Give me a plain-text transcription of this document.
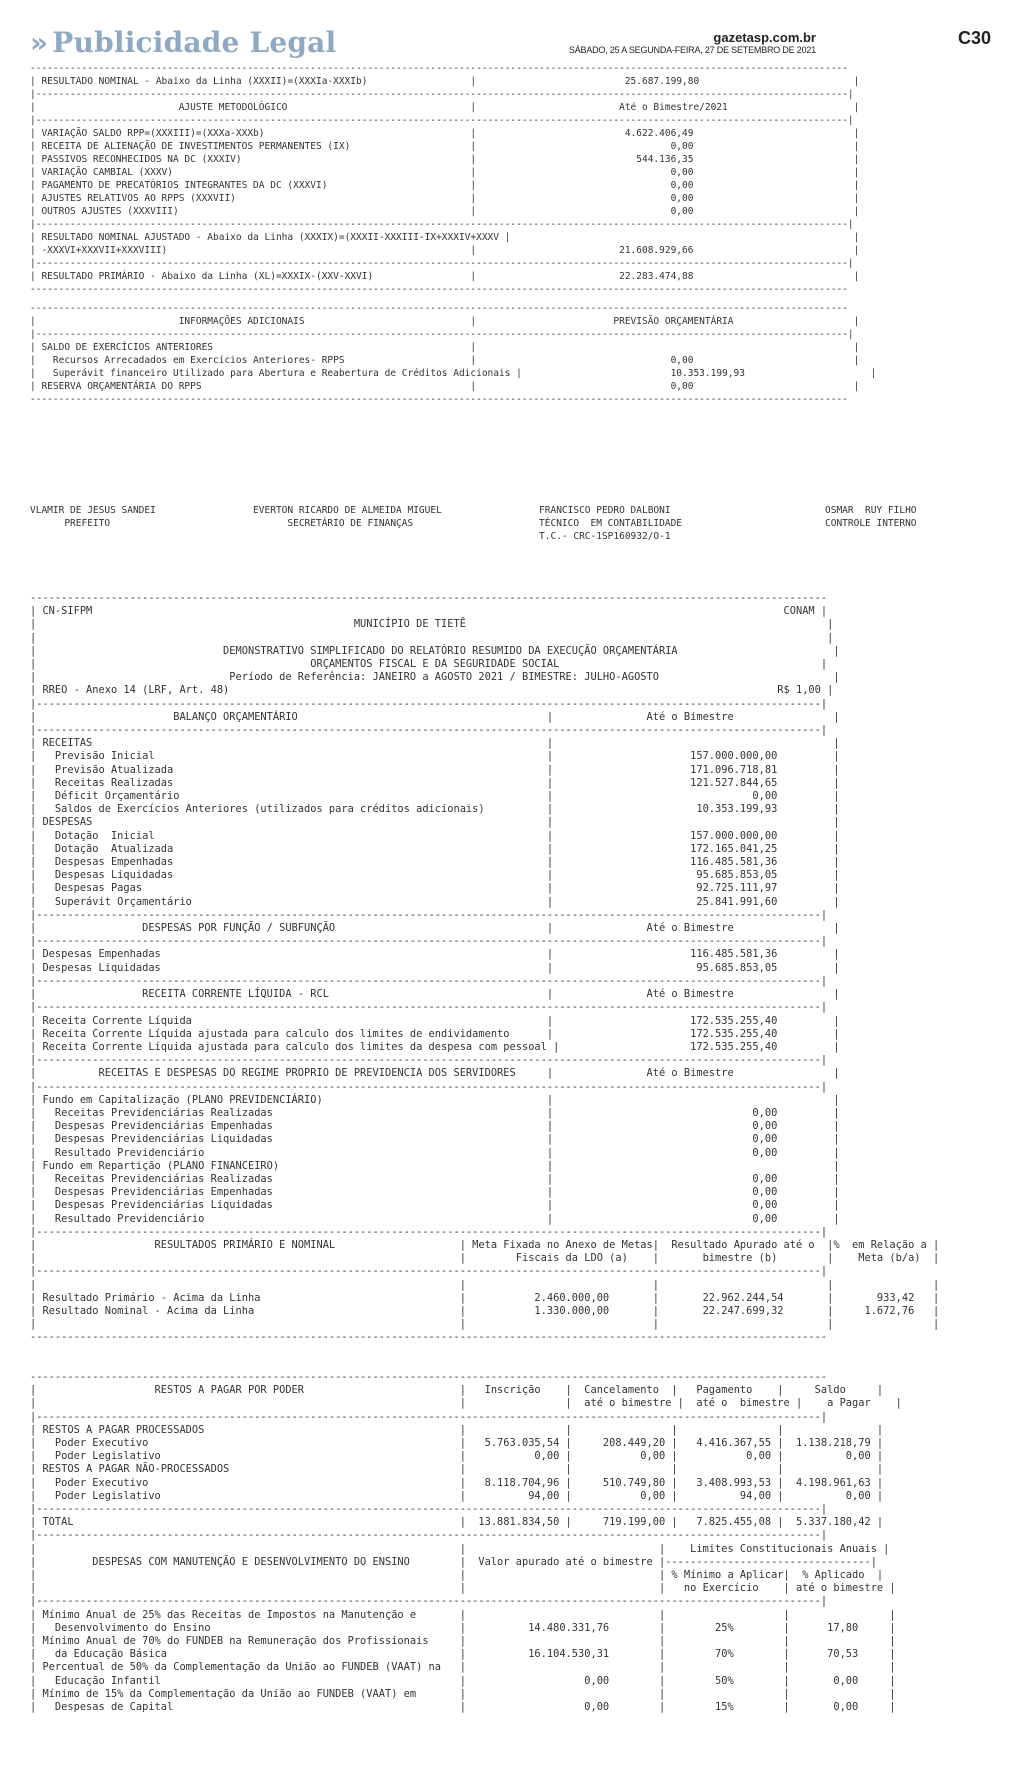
» Publicidade Legal	gazetasp.com.br
SÁBADO, 25 A SEGUNDA-FEIRA, 27 DE SETEMBRO DE 2021
C30
-----------------------------------------------------------------------------------------------------------------------------------------------
| RESULTADO NOMINAL - Abaixo da Linha (XXXII)=(XXXIa-XXXIb)                  |                          25.687.199,80                           |
|----------------------------------------------------------------------------------------------------------------------------------------------|
|                         AJUSTE METODOLÓGICO                                |                         Até o Bimestre/2021                      |
|----------------------------------------------------------------------------------------------------------------------------------------------|
| VARIAÇÃO SALDO RPP=(XXXIII)=(XXXa-XXXb)                                    |                          4.622.406,49                            |
| RECEITA DE ALIENAÇÃO DE INVESTIMENTOS PERMANENTES (IX)                     |                                  0,00                            |
| PASSIVOS RECONHECIDOS NA DC (XXXIV)                                        |                            544.136,35                            |
| VARIAÇÃO CAMBIAL (XXXV)                                                    |                                  0,00                            |
| PAGAMENTO DE PRECATÓRIOS INTEGRANTES DA DC (XXXVI)                         |                                  0,00                            |
| AJUSTES RELATIVOS AO RPPS (XXXVII)                                         |                                  0,00                            |
| OUTROS AJUSTES (XXXVIII)                                                   |                                  0,00                            |
|----------------------------------------------------------------------------------------------------------------------------------------------|
| RESULTADO NOMINAL AJUSTADO - Abaixo da Linha (XXXIX)=(XXXII-XXXIII-IX+XXXIV+XXXV |                                                            |
| -XXXVI+XXXVII+XXXVIII)                                                     |                         21.608.929,66                            |
|----------------------------------------------------------------------------------------------------------------------------------------------|
| RESULTADO PRIMÁRIO - Abaixo da Linha (XL)=XXXIX-(XXV-XXVI)                 |                         22.283.474,88                            |
-----------------------------------------------------------------------------------------------------------------------------------------------
-----------------------------------------------------------------------------------------------------------------------------------------------
|                         INFORMAÇÕES ADICIONAIS                             |                        PREVISÃO ORÇAMENTÁRIA                     |
|----------------------------------------------------------------------------------------------------------------------------------------------|
| SALDO DE EXERCÍCIOS ANTERIORES                                             |                                                                  |
|   Recursos Arrecadados em Exercícios Anteriores- RPPS                      |                                  0,00                            |
|   Superávit financeiro Utilizado para Abertura e Reabertura de Créditos Adicionais |                          10.353.199,93                      |
| RESERVA ORÇAMENTÁRIA DO RPPS                                               |                                  0,00                            |
-----------------------------------------------------------------------------------------------------------------------------------------------
VLAMIR DE JESUS SANDEI                 EVERTON RICARDO DE ALMEIDA MIGUEL                 FRANCISCO PEDRO DALBONI                           OSMAR  RUY FILHO
PREFEITO                               SECRETÁRIO DE FINANÇAS                      TÉCNICO  EM CONTABILIDADE                         CONTROLE INTERNO
T.C.- CRC-1SP160932/O-1
--------------------------------------------------------------------------------------------------------------------------------
| CN-SIFPM                                                                                                               CONAM |
|                                                   MUNICÍPIO DE TIETÊ                                                          |
|                                                                                                                               |
|                              DEMONSTRATIVO SIMPLIFICADO DO RELATÓRIO RESUMIDO DA EXECUÇÃO ORÇAMENTÁRIA                         |
|                                            ORÇAMENTOS FISCAL E DA SEGURIDADE SOCIAL                                          |
|                               Período de Referência: JANEIRO a AGOSTO 2021 / BIMESTRE: JULHO-AGOSTO                            |
| RREO - Anexo 14 (LRF, Art. 48)                                                                                        R$ 1,00 |
|------------------------------------------------------------------------------------------------------------------------------|
|                      BALANÇO ORÇAMENTÁRIO                                        |               Até o Bimestre                |
|------------------------------------------------------------------------------------------------------------------------------|
| RECEITAS                                                                         |                                             |
|   Previsão Inicial                                                               |                      157.000.000,00         |
|   Previsão Atualizada                                                            |                      171.096.718,81         |
|   Receitas Realizadas                                                            |                      121.527.844,65         |
|   Déficit Orçamentário                                                           |                                0,00         |
|   Saldos de Exercícios Anteriores (utilizados para créditos adicionais)          |                       10.353.199,93         |
| DESPESAS                                                                         |                                             |
|   Dotação  Inicial                                                               |                      157.000.000,00         |
|   Dotação  Atualizada                                                            |                      172.165.041,25         |
|   Despesas Empenhadas                                                            |                      116.485.581,36         |
|   Despesas Liquidadas                                                            |                       95.685.853,05         |
|   Despesas Pagas                                                                 |                       92.725.111,97         |
|   Superávit Orçamentário                                                         |                       25.841.991,60         |
|------------------------------------------------------------------------------------------------------------------------------|
|                 DESPESAS POR FUNÇÃO / SUBFUNÇÃO                                  |               Até o Bimestre                |
|------------------------------------------------------------------------------------------------------------------------------|
| Despesas Empenhadas                                                              |                      116.485.581,36         |
| Despesas Liquidadas                                                              |                       95.685.853,05         |
|------------------------------------------------------------------------------------------------------------------------------|
|                 RECEITA CORRENTE LÍQUIDA - RCL                                   |               Até o Bimestre                |
|------------------------------------------------------------------------------------------------------------------------------|
| Receita Corrente Líquida                                                         |                      172.535.255,40         |
| Receita Corrente Líquida ajustada para calculo dos limites de endividamento      |                      172.535.255,40         |
| Receita Corrente Líquida ajustada para calculo dos limites da despesa com pessoal |                     172.535.255,40         |
|------------------------------------------------------------------------------------------------------------------------------|
|          RECEITAS E DESPESAS DO REGIME PROPRIO DE PREVIDENCIA DOS SERVIDORES     |               Até o Bimestre                |
|------------------------------------------------------------------------------------------------------------------------------|
| Fundo em Capitalização (PLANO PREVIDENCIÁRIO)                                    |                                             |
|   Receitas Previdenciárias Realizadas                                            |                                0,00         |
|   Despesas Previdenciárias Empenhadas                                            |                                0,00         |
|   Despesas Previdenciárias Liquidadas                                            |                                0,00         |
|   Resultado Previdenciário                                                       |                                0,00         |
| Fundo em Repartição (PLANO FINANCEIRO)                                           |                                             |
|   Receitas Previdenciárias Realizadas                                            |                                0,00         |
|   Despesas Previdenciárias Empenhadas                                            |                                0,00         |
|   Despesas Previdenciárias Liquidadas                                            |                                0,00         |
|   Resultado Previdenciário                                                       |                                0,00         |
|------------------------------------------------------------------------------------------------------------------------------|
|                   RESULTADOS PRIMÁRIO E NOMINAL                    | Meta Fixada no Anexo de Metas|  Resultado Apurado até o  |%  em Relação a |
|                                                                    |        Fiscais da LDO (a)    |       bimestre (b)        |    Meta (b/a)  |
|------------------------------------------------------------------------------------------------------------------------------|
|                                                                    |                              |                           |                |
| Resultado Primário - Acima da Linha                                |           2.460.000,00       |       22.962.244,54       |       933,42   |
| Resultado Nominal - Acima da Linha                                 |           1.330.000,00       |       22.247.699,32       |     1.672,76   |
|                                                                    |                              |                           |                |
--------------------------------------------------------------------------------------------------------------------------------

--------------------------------------------------------------------------------------------------------------------------------
|                   RESTOS A PAGAR POR PODER                         |   Inscrição    |  Cancelamento  |   Pagamento    |     Saldo     |
|                                                                    |                |  até o bimestre |  até o  bimestre |    a Pagar    |
|------------------------------------------------------------------------------------------------------------------------------|
| RESTOS A PAGAR PROCESSADOS                                         |                |                |                |               |
|   Poder Executivo                                                  |   5.763.035,54 |     208.449,20 |   4.416.367,55 |  1.138.218,79 |
|   Poder Legislativo                                                |           0,00 |           0,00 |           0,00 |          0,00 |
| RESTOS A PAGAR NÃO-PROCESSADOS                                     |                |                |                |               |
|   Poder Executivo                                                  |   8.118.704,96 |     510.749,80 |   3.408.993,53 |  4.198.961,63 |
|   Poder Legislativo                                                |          94,00 |           0,00 |          94,00 |          0,00 |
|------------------------------------------------------------------------------------------------------------------------------|
| TOTAL                                                              |  13.881.834,50 |     719.199,00 |   7.825.455,08 |  5.337.180,42 |
|------------------------------------------------------------------------------------------------------------------------------|
|                                                                    |                               |    Limites Constitucionais Anuais |
|         DESPESAS COM MANUTENÇÃO E DESENVOLVIMENTO DO ENSINO        |  Valor apurado até o bimestre |---------------------------------|
|                                                                    |                               | % Mínimo a Aplicar|  % Aplicado  |
|                                                                    |                               |   no Exercício    | até o bimestre |
|------------------------------------------------------------------------------------------------------------------------------|
| Mínimo Anual de 25% das Receitas de Impostos na Manutenção e       |                               |                   |                |
|   Desenvolvimento do Ensino                                        |          14.480.331,76        |        25%        |      17,80     |
| Mínimo Anual de 70% do FUNDEB na Remuneração dos Profissionais     |                               |                   |                |
|   da Educação Básica                                               |          16.104.530,31        |        70%        |      70,53     |
| Percentual de 50% da Complementação da União ao FUNDEB (VAAT) na   |                               |                   |                |
|   Educação Infantil                                                |                   0,00        |        50%        |       0,00     |
| Mínimo de 15% da Complementação da União ao FUNDEB (VAAT) em       |                               |                   |                |
|   Despesas de Capital                                              |                   0,00        |        15%        |       0,00     |
